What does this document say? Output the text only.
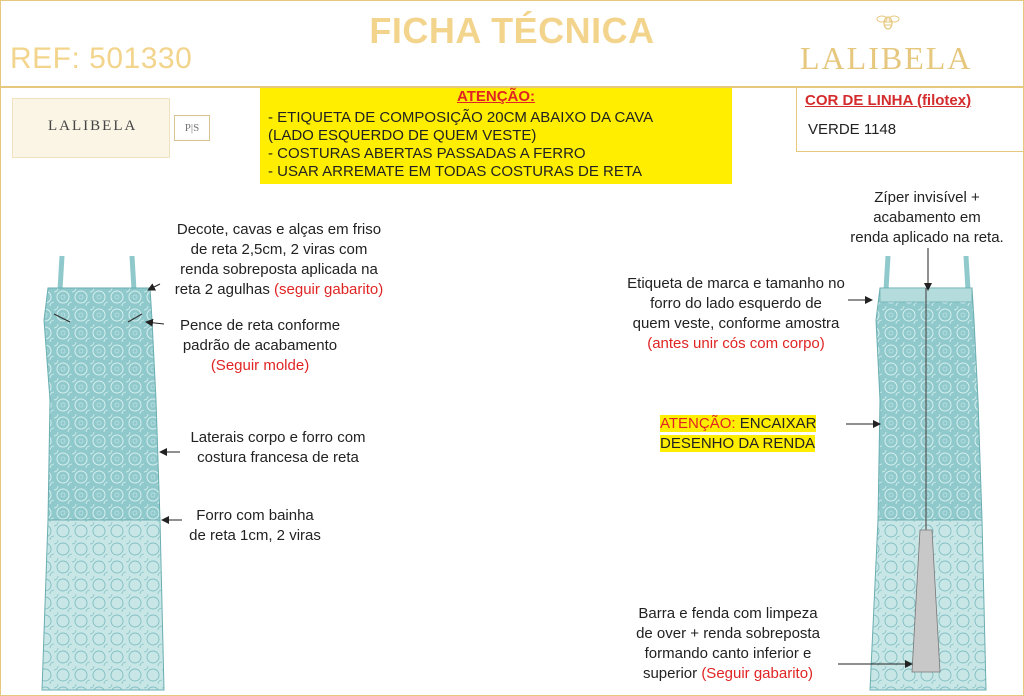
FICHA TÉCNICA
REF: 501330	LALIBELA
LALIBELA	P|S
ATENÇÃO:
- ETIQUETA DE COMPOSIÇÃO 20CM ABAIXO DA CAVA
(LADO ESQUERDO DE QUEM VESTE)
- COSTURAS ABERTAS PASSADAS A FERRO
- USAR ARREMATE EM TODAS COSTURAS DE RETA
COR DE LINHA (filotex)
VERDE 1148
Decote, cavas e alças em friso
de reta 2,5cm, 2 viras com
renda sobreposta aplicada na
reta 2 agulhas (seguir gabarito)
Pence de reta conforme
padrão de acabamento
(Seguir molde)
Laterais corpo e forro com
costura francesa de reta
Forro com bainha
de reta 1cm, 2 viras
Zíper invisível +
acabamento em
renda aplicado na reta.
Etiqueta de marca e tamanho no
forro do lado esquerdo de
quem veste, conforme amostra
(antes unir cós com corpo)
ATENÇÃO: ENCAIXAR
DESENHO DA RENDA
Barra e fenda com limpeza
de over + renda sobreposta
formando canto inferior e
superior (Seguir gabarito)
